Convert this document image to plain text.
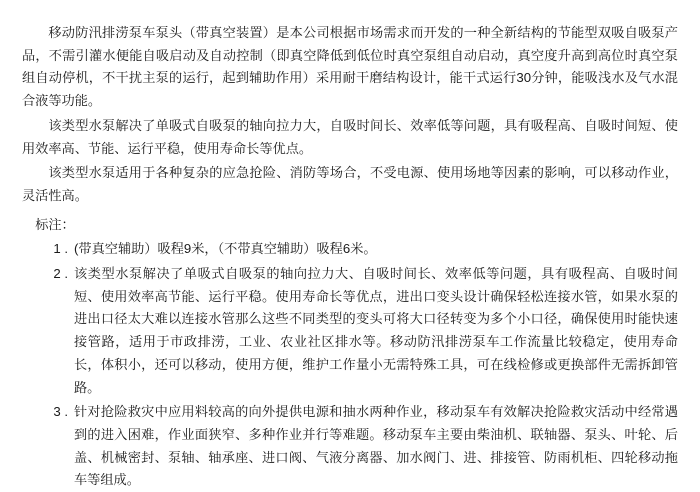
移动防汛排涝泵车泵头（带真空装置）是本公司根据市场需求而开发的一种全新结构的节能型双吸自吸泵产品，不需引灌水便能自吸启动及自动控制（即真空降低到低位时真空泵组自动启动，真空度升高到高位时真空泵组自动停机，不干扰主泵的运行，起到辅助作用）采用耐干磨结构设计，能干式运行30分钟，能吸浅水及气水混合液等功能。

该类型水泵解决了单吸式自吸泵的轴向拉力大，自吸时间长、效率低等问题，具有吸程高、自吸时间短、使用效率高、节能、运行平稳，使用寿命长等优点。

该类型水泵适用于各种复杂的应急抢险、消防等场合，不受电源、使用场地等因素的影响，可以移动作业，灵活性高。

标注：
1 . (带真空辅助）吸程9米，（不带真空辅助）吸程6米。
2 . 该类型水泵解决了单吸式自吸泵的轴向拉力大、自吸时间长、效率低等问题，具有吸程高、自吸时间短、使用效率高节能、运行平稳。使用寿命长等优点，进出口变头设计确保轻松连接水管，如果水泵的进出口径太大难以连接水管那么这些不同类型的变头可将大口径转变为多个小口径，确保使用时能快速接管路，适用于市政排涝，工业、农业社区排水等。移动防汛排涝泵车工作流量比较稳定，使用寿命长，体积小，还可以移动，使用方便，维护工作量小无需特殊工具，可在线检修或更换部件无需拆卸管路。
3 . 针对抢险救灾中应用料较高的向外提供电源和抽水两种作业，移动泵车有效解决抢险救灾活动中经常遇到的进入困难，作业面狭窄、多种作业并行等难题。移动泵车主要由柴油机、联轴器、泵头、叶轮、后盖、机械密封、泵轴、轴承座、进口阀、气液分离器、加水阀门、进、排接管、防雨机柜、四轮移动拖车等组成。
